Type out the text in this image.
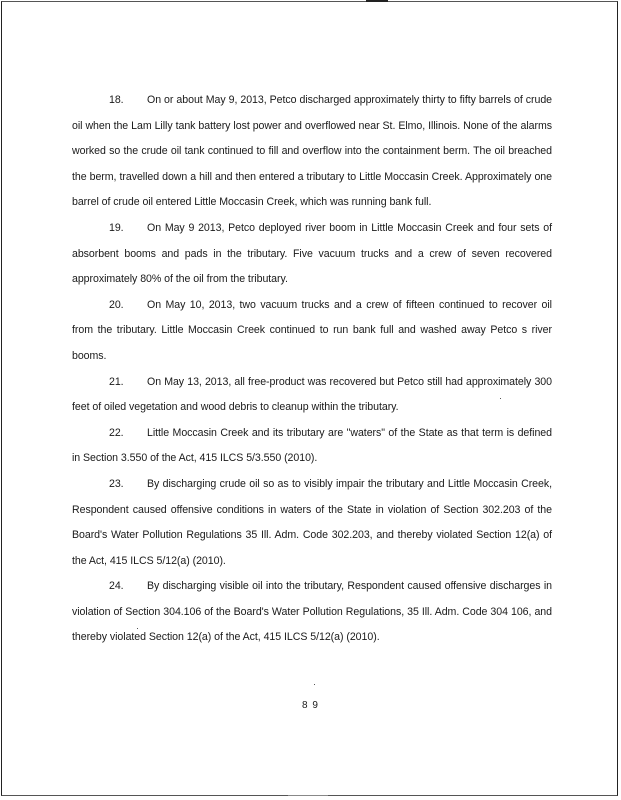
18. On or about May 9, 2013, Petco discharged approximately thirty to fifty barrels of crude oil when the Lam Lilly tank battery lost power and overflowed near St. Elmo, Illinois. None of the alarms worked so the crude oil tank continued to fill and overflow into the containment berm. The oil breached the berm, travelled down a hill and then entered a tributary to Little Moccasin Creek. Approximately one barrel of crude oil entered Little Moccasin Creek, which was running bank full.

19. On May 9 2013, Petco deployed river boom in Little Moccasin Creek and four sets of absorbent booms and pads in the tributary. Five vacuum trucks and a crew of seven recovered approximately 80% of the oil from the tributary.

20. On May 10, 2013, two vacuum trucks and a crew of fifteen continued to recover oil from the tributary. Little Moccasin Creek continued to run bank full and washed away Petco s river booms.

21. On May 13, 2013, all free-product was recovered but Petco still had approximately 300 feet of oiled vegetation and wood debris to cleanup within the tributary.

22. Little Moccasin Creek and its tributary are "waters" of the State as that term is defined in Section 3.550 of the Act, 415 ILCS 5/3.550 (2010).

23. By discharging crude oil so as to visibly impair the tributary and Little Moccasin Creek, Respondent caused offensive conditions in waters of the State in violation of Section 302.203 of the Board's Water Pollution Regulations 35 Ill. Adm. Code 302.203, and thereby violated Section 12(a) of the Act, 415 ILCS 5/12(a) (2010).

24. By discharging visible oil into the tributary, Respondent caused offensive discharges in violation of Section 304.106 of the Board's Water Pollution Regulations, 35 Ill. Adm. Code 304 106, and thereby violated Section 12(a) of the Act, 415 ILCS 5/12(a) (2010).

8 9
